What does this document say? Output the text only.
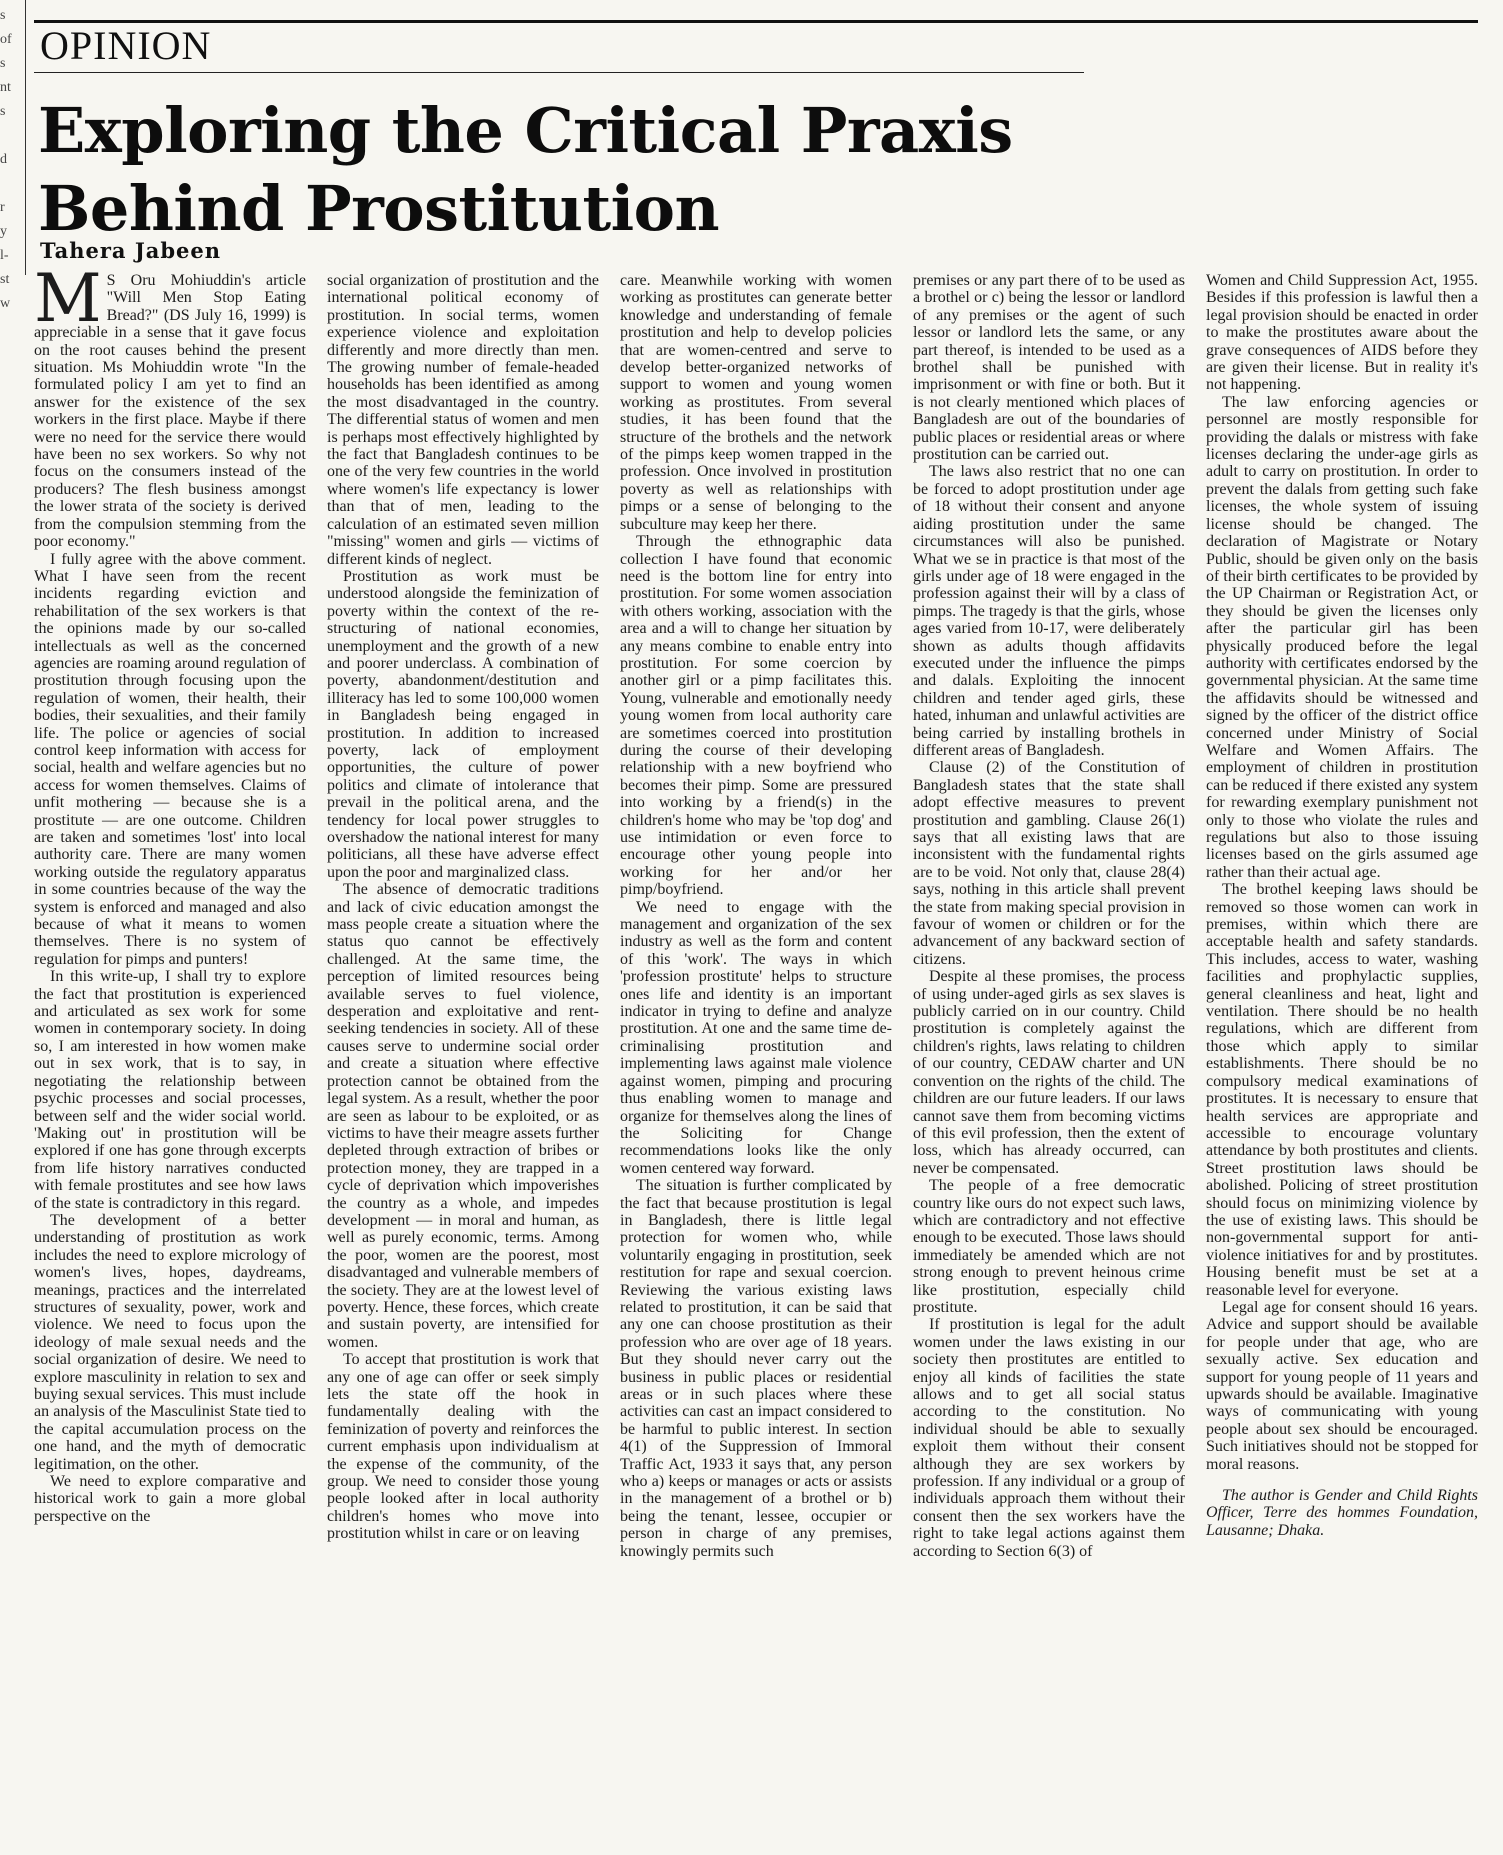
s
of
s
nt
s

d

r
y
l-
st
w
OPINION
Exploring the Critical Praxis Behind Prostitution
Tahera Jabeen

M S Oru Mohiuddin's article "Will Men Stop Eating Bread?" (DS July 16, 1999) is appreciable in a sense that it gave focus on the root causes behind the present situation. Ms Mohiuddin wrote "In the formulated policy I am yet to find an answer for the existence of the sex workers in the first place. Maybe if there were no need for the service there would have been no sex workers. So why not focus on the consumers instead of the producers? The flesh business amongst the lower strata of the society is derived from the compulsion stemming from the poor economy."

I fully agree with the above comment. What I have seen from the recent incidents regarding eviction and rehabilitation of the sex workers is that the opinions made by our so-called intellectuals as well as the concerned agencies are roaming around regulation of prostitution through focusing upon the regulation of women, their health, their bodies, their sexualities, and their family life. The police or agencies of social control keep information with access for social, health and welfare agencies but no access for women themselves. Claims of unfit mothering — because she is a prostitute — are one outcome. Children are taken and sometimes 'lost' into local authority care. There are many women working outside the regulatory apparatus in some countries because of the way the system is enforced and managed and also because of what it means to women themselves. There is no system of regulation for pimps and punters!

In this write-up, I shall try to explore the fact that prostitution is experienced and articulated as sex work for some women in contemporary society. In doing so, I am interested in how women make out in sex work, that is to say, in negotiating the relationship between psychic processes and social processes, between self and the wider social world. 'Making out' in prostitution will be explored if one has gone through excerpts from life history narratives conducted with female prostitutes and see how laws of the state is contradictory in this regard.

The development of a better understanding of prostitution as work includes the need to explore micrology of women's lives, hopes, daydreams, meanings, practices and the interrelated structures of sexuality, power, work and violence. We need to focus upon the ideology of male sexual needs and the social organization of desire. We need to explore masculinity in relation to sex and buying sexual services. This must include an analysis of the Masculinist State tied to the capital accumulation process on the one hand, and the myth of democratic legitimation, on the other.

We need to explore comparative and historical work to gain a more global perspective on the

social organization of prostitution and the international political economy of prostitution. In social terms, women experience violence and exploitation differently and more directly than men. The growing number of female-headed households has been identified as among the most disadvantaged in the country. The differential status of women and men is perhaps most effectively highlighted by the fact that Bangladesh continues to be one of the very few countries in the world where women's life expectancy is lower than that of men, leading to the calculation of an estimated seven million "missing" women and girls — victims of different kinds of neglect.

Prostitution as work must be understood alongside the feminization of poverty within the context of the re-structuring of national economies, unemployment and the growth of a new and poorer underclass. A combination of poverty, abandonment/destitution and illiteracy has led to some 100,000 women in Bangladesh being engaged in prostitution. In addition to increased poverty, lack of employment opportunities, the culture of power politics and climate of intolerance that prevail in the political arena, and the tendency for local power struggles to overshadow the national interest for many politicians, all these have adverse effect upon the poor and marginalized class.

The absence of democratic traditions and lack of civic education amongst the mass people create a situation where the status quo cannot be effectively challenged. At the same time, the perception of limited resources being available serves to fuel violence, desperation and exploitative and rent-seeking tendencies in society. All of these causes serve to undermine social order and create a situation where effective protection cannot be obtained from the legal system. As a result, whether the poor are seen as labour to be exploited, or as victims to have their meagre assets further depleted through extraction of bribes or protection money, they are trapped in a cycle of deprivation which impoverishes the country as a whole, and impedes development — in moral and human, as well as purely economic, terms. Among the poor, women are the poorest, most disadvantaged and vulnerable members of the society. They are at the lowest level of poverty. Hence, these forces, which create and sustain poverty, are intensified for women.

To accept that prostitution is work that any one of age can offer or seek simply lets the state off the hook in fundamentally dealing with the feminization of poverty and reinforces the current emphasis upon individualism at the expense of the community, of the group. We need to consider those young people looked after in local authority children's homes who move into prostitution whilst in care or on leaving

care. Meanwhile working with women working as prostitutes can generate better knowledge and understanding of female prostitution and help to develop policies that are women-centred and serve to develop better-organized networks of support to women and young women working as prostitutes. From several studies, it has been found that the structure of the brothels and the network of the pimps keep women trapped in the profession. Once involved in prostitution poverty as well as relationships with pimps or a sense of belonging to the subculture may keep her there.

Through the ethnographic data collection I have found that economic need is the bottom line for entry into prostitution. For some women association with others working, association with the area and a will to change her situation by any means combine to enable entry into prostitution. For some coercion by another girl or a pimp facilitates this. Young, vulnerable and emotionally needy young women from local authority care are sometimes coerced into prostitution during the course of their developing relationship with a new boyfriend who becomes their pimp. Some are pressured into working by a friend(s) in the children's home who may be 'top dog' and use intimidation or even force to encourage other young people into working for her and/or her pimp/boyfriend.

We need to engage with the management and organization of the sex industry as well as the form and content of this 'work'. The ways in which 'profession prostitute' helps to structure ones life and identity is an important indicator in trying to define and analyze prostitution. At one and the same time de-criminalising prostitution and implementing laws against male violence against women, pimping and procuring thus enabling women to manage and organize for themselves along the lines of the Soliciting for Change recommendations looks like the only women centered way forward.

The situation is further complicated by the fact that because prostitution is legal in Bangladesh, there is little legal protection for women who, while voluntarily engaging in prostitution, seek restitution for rape and sexual coercion. Reviewing the various existing laws related to prostitution, it can be said that any one can choose prostitution as their profession who are over age of 18 years. But they should never carry out the business in public places or residential areas or in such places where these activities can cast an impact considered to be harmful to public interest. In section 4(1) of the Suppression of Immoral Traffic Act, 1933 it says that, any person who a) keeps or manages or acts or assists in the management of a brothel or b) being the tenant, lessee, occupier or person in charge of any premises, knowingly permits such

premises or any part there of to be used as a brothel or c) being the lessor or landlord of any premises or the agent of such lessor or landlord lets the same, or any part thereof, is intended to be used as a brothel shall be punished with imprisonment or with fine or both. But it is not clearly mentioned which places of Bangladesh are out of the boundaries of public places or residential areas or where prostitution can be carried out.

The laws also restrict that no one can be forced to adopt prostitution under age of 18 without their consent and anyone aiding prostitution under the same circumstances will also be punished. What we se in practice is that most of the girls under age of 18 were engaged in the profession against their will by a class of pimps. The tragedy is that the girls, whose ages varied from 10-17, were deliberately shown as adults though affidavits executed under the influence the pimps and dalals. Exploiting the innocent children and tender aged girls, these hated, inhuman and unlawful activities are being carried by installing brothels in different areas of Bangladesh.

Clause (2) of the Constitution of Bangladesh states that the state shall adopt effective measures to prevent prostitution and gambling. Clause 26(1) says that all existing laws that are inconsistent with the fundamental rights are to be void. Not only that, clause 28(4) says, nothing in this article shall prevent the state from making special provision in favour of women or children or for the advancement of any backward section of citizens.

Despite al these promises, the process of using under-aged girls as sex slaves is publicly carried on in our country. Child prostitution is completely against the children's rights, laws relating to children of our country, CEDAW charter and UN convention on the rights of the child. The children are our future leaders. If our laws cannot save them from becoming victims of this evil profession, then the extent of loss, which has already occurred, can never be compensated.

The people of a free democratic country like ours do not expect such laws, which are contradictory and not effective enough to be executed. Those laws should immediately be amended which are not strong enough to prevent heinous crime like prostitution, especially child prostitute.

If prostitution is legal for the adult women under the laws existing in our society then prostitutes are entitled to enjoy all kinds of facilities the state allows and to get all social status according to the constitution. No individual should be able to sexually exploit them without their consent although they are sex workers by profession. If any individual or a group of individuals approach them without their consent then the sex workers have the right to take legal actions against them according to Section 6(3) of

Women and Child Suppression Act, 1955. Besides if this profession is lawful then a legal provision should be enacted in order to make the prostitutes aware about the grave consequences of AIDS before they are given their license. But in reality it's not happening.

The law enforcing agencies or personnel are mostly responsible for providing the dalals or mistress with fake licenses declaring the under-age girls as adult to carry on prostitution. In order to prevent the dalals from getting such fake licenses, the whole system of issuing license should be changed. The declaration of Magistrate or Notary Public, should be given only on the basis of their birth certificates to be provided by the UP Chairman or Registration Act, or they should be given the licenses only after the particular girl has been physically produced before the legal authority with certificates endorsed by the governmental physician. At the same time the affidavits should be witnessed and signed by the officer of the district office concerned under Ministry of Social Welfare and Women Affairs. The employment of children in prostitution can be reduced if there existed any system for rewarding exemplary punishment not only to those who violate the rules and regulations but also to those issuing licenses based on the girls assumed age rather than their actual age.

The brothel keeping laws should be removed so those women can work in premises, within which there are acceptable health and safety standards. This includes, access to water, washing facilities and prophylactic supplies, general cleanliness and heat, light and ventilation. There should be no health regulations, which are different from those which apply to similar establishments. There should be no compulsory medical examinations of prostitutes. It is necessary to ensure that health services are appropriate and accessible to encourage voluntary attendance by both prostitutes and clients. Street prostitution laws should be abolished. Policing of street prostitution should focus on minimizing violence by the use of existing laws. This should be non-governmental support for anti-violence initiatives for and by prostitutes. Housing benefit must be set at a reasonable level for everyone.

Legal age for consent should 16 years. Advice and support should be available for people under that age, who are sexually active. Sex education and support for young people of 11 years and upwards should be available. Imaginative ways of communicating with young people about sex should be encouraged. Such initiatives should not be stopped for moral reasons.

The author is Gender and Child Rights Officer, Terre des hommes Foundation, Lausanne; Dhaka.
